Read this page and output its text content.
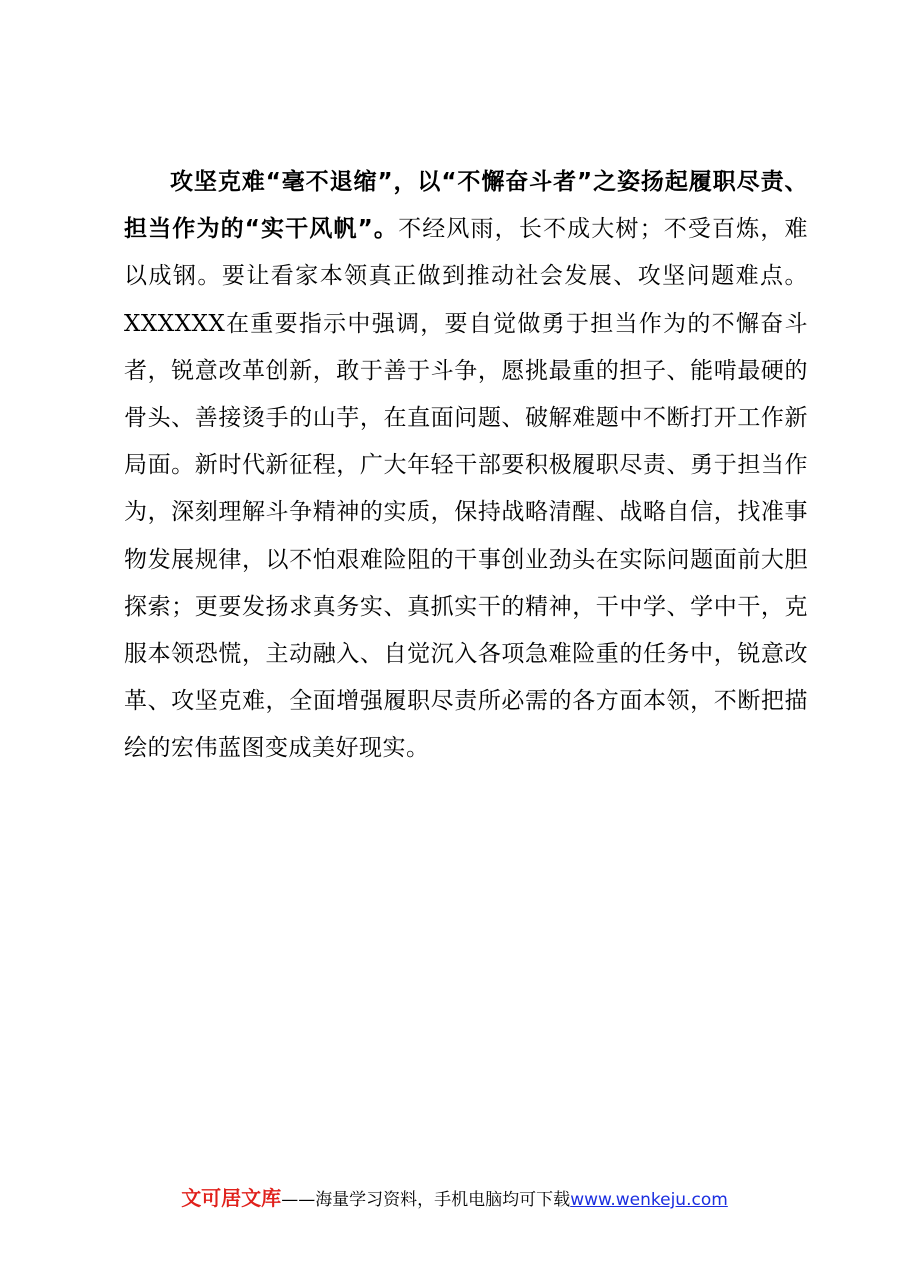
攻坚克难“毫不退缩”，以“不懈奋斗者”之姿扬起履职尽责、担当作为的“实干风帆”。不经风雨，长不成大树；不受百炼，难以成钢。要让看家本领真正做到推动社会发展、攻坚问题难点。XXXXXX在重要指示中强调，要自觉做勇于担当作为的不懈奋斗者，锐意改革创新，敢于善于斗争，愿挑最重的担子、能啃最硬的骨头、善接烫手的山芋，在直面问题、破解难题中不断打开工作新局面。新时代新征程，广大年轻干部要积极履职尽责、勇于担当作为，深刻理解斗争精神的实质，保持战略清醒、战略自信，找准事物发展规律，以不怕艰难险阻的干事创业劲头在实际问题面前大胆探索；更要发扬求真务实、真抓实干的精神，干中学、学中干，克服本领恐慌，主动融入、自觉沉入各项急难险重的任务中，锐意改革、攻坚克难，全面增强履职尽责所必需的各方面本领，不断把描绘的宏伟蓝图变成美好现实。

文可居文库——海量学习资料，手机电脑均可下载www.wenkeju.com
